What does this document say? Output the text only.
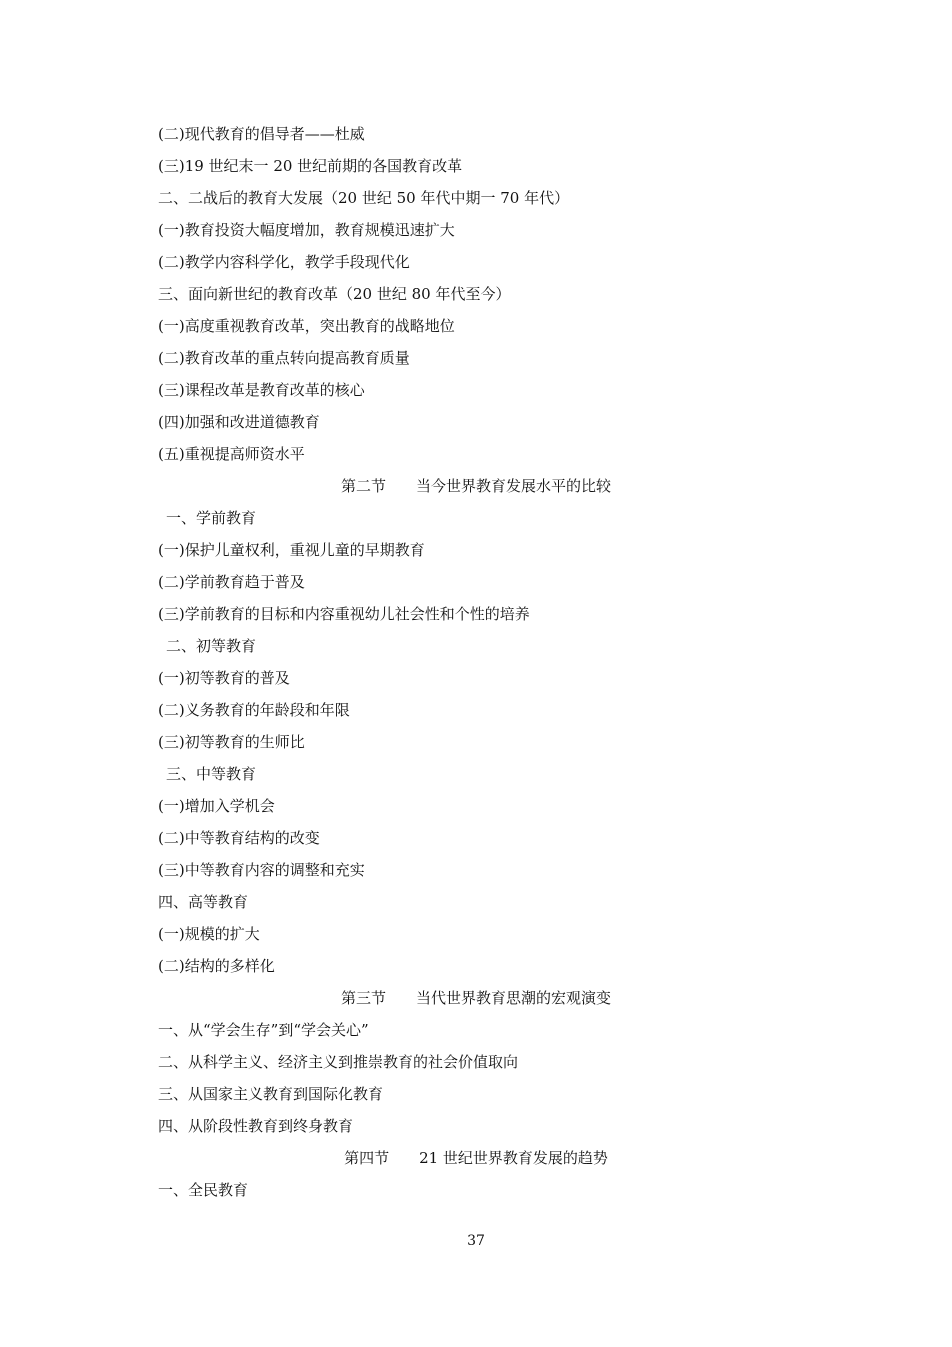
(二)现代教育的倡导者——杜威
(三)19 世纪末一 20 世纪前期的各国教育改革
二、二战后的教育大发展（20 世纪 50 年代中期一 70 年代）
(一)教育投资大幅度增加，教育规模迅速扩大
(二)教学内容科学化，教学手段现代化
三、面向新世纪的教育改革（20 世纪 80 年代至今）
(一)高度重视教育改革，突出教育的战略地位
(二)教育改革的重点转向提高教育质量
(三)课程改革是教育改革的核心
(四)加强和改进道德教育
(五)重视提高师资水平
第二节　　当今世界教育发展水平的比较
一、学前教育
(一)保护儿童权利，重视儿童的早期教育
(二)学前教育趋于普及
(三)学前教育的目标和内容重视幼儿社会性和个性的培养
二、初等教育
(一)初等教育的普及
(二)义务教育的年龄段和年限
(三)初等教育的生师比
三、中等教育
(一)增加入学机会
(二)中等教育结构的改变
(三)中等教育内容的调整和充实
四、高等教育
(一)规模的扩大
(二)结构的多样化
第三节　　当代世界教育思潮的宏观演变
一、从“学会生存”到“学会关心”
二、从科学主义、经济主义到推崇教育的社会价值取向
三、从国家主义教育到国际化教育
四、从阶段性教育到终身教育
第四节　　21 世纪世界教育发展的趋势
一、全民教育
37
